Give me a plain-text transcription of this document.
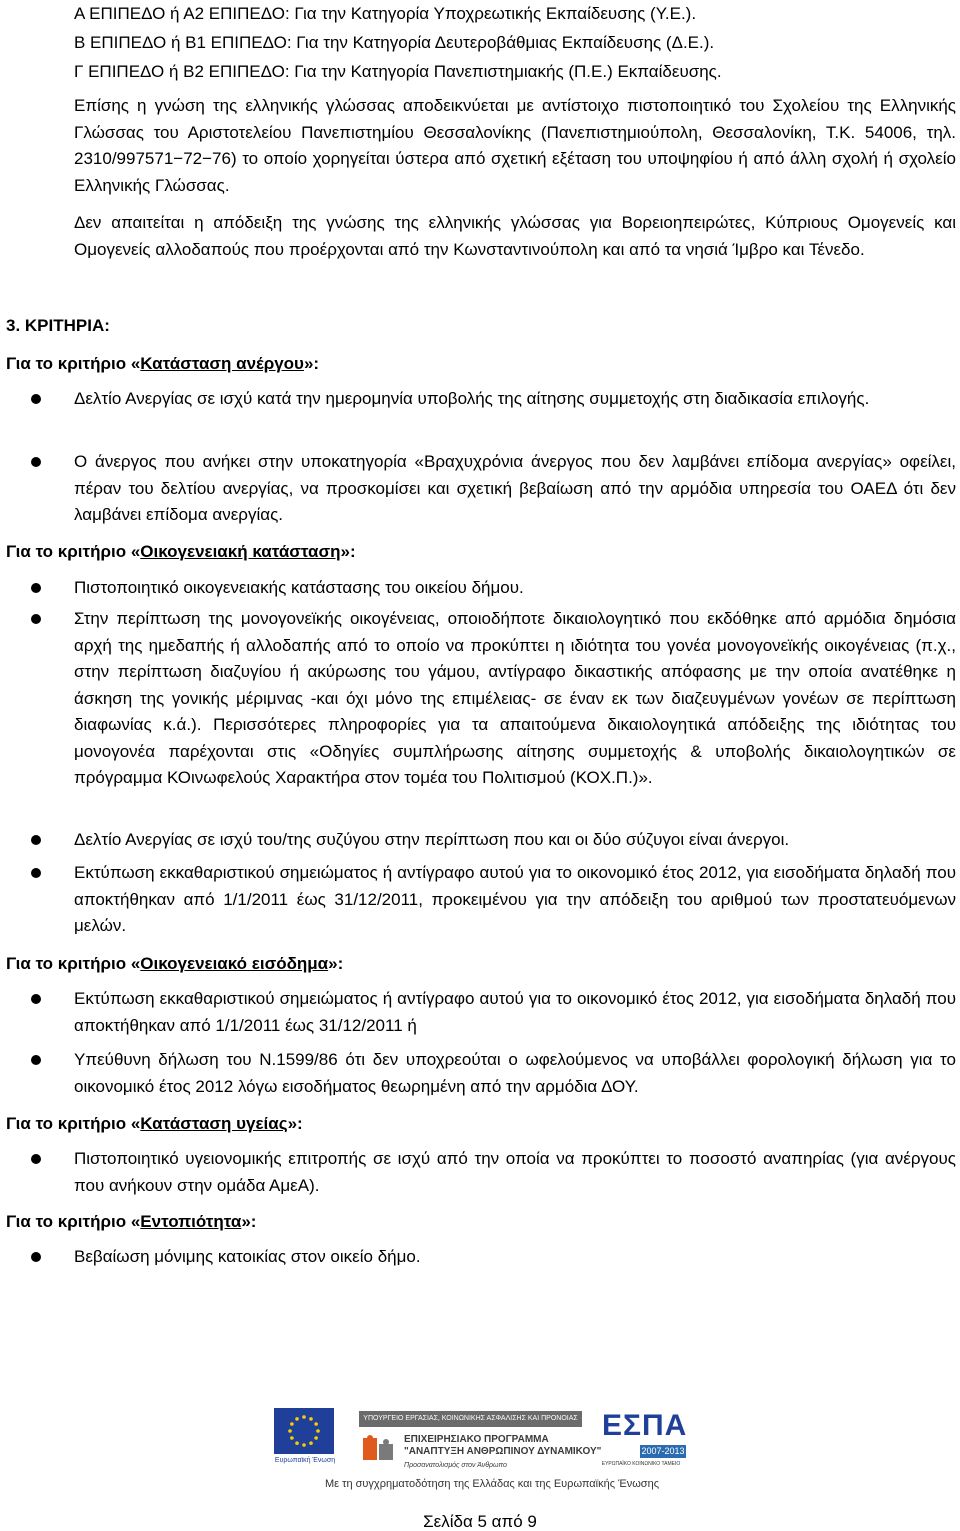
Α ΕΠΙΠΕΔΟ ή Α2 ΕΠΙΠΕΔΟ: Για την Κατηγορία Υποχρεωτικής Εκπαίδευσης (Υ.Ε.).
Β ΕΠΙΠΕΔΟ ή Β1 ΕΠΙΠΕΔΟ: Για την Κατηγορία Δευτεροβάθμιας Εκπαίδευσης (Δ.Ε.).
Γ ΕΠΙΠΕΔΟ ή Β2 ΕΠΙΠΕΔΟ: Για την Κατηγορία Πανεπιστημιακής (Π.Ε.) Εκπαίδευσης.
Επίσης η γνώση της ελληνικής γλώσσας αποδεικνύεται με αντίστοιχο πιστοποιητικό του Σχολείου της Ελληνικής Γλώσσας του Αριστοτελείου Πανεπιστημίου Θεσσαλονίκης (Πανεπιστημιούπολη, Θεσσαλονίκη, Τ.Κ. 54006, τηλ. 2310/997571−72−76) το οποίο χορηγείται ύστερα από σχετική εξέταση του υποψηφίου ή από άλλη σχολή ή σχολείο Ελληνικής Γλώσσας.
Δεν απαιτείται η απόδειξη της γνώσης της ελληνικής γλώσσας για Βορειοηπειρώτες, Κύπριους Ομογενείς και Ομογενείς αλλοδαπούς που προέρχονται από την Κωνσταντινούπολη και από τα νησιά Ίμβρο και Τένεδο.
3. ΚΡΙΤΗΡΙΑ:
Για το κριτήριο «Κατάσταση ανέργου»:
Δελτίο Ανεργίας σε ισχύ κατά την ημερομηνία υποβολής της αίτησης συμμετοχής στη διαδικασία επιλογής.
Ο άνεργος που ανήκει στην υποκατηγορία «Βραχυχρόνια άνεργος που δεν λαμβάνει επίδομα ανεργίας» οφείλει, πέραν του δελτίου ανεργίας, να προσκομίσει και σχετική βεβαίωση από την αρμόδια υπηρεσία του ΟΑΕΔ ότι δεν λαμβάνει επίδομα ανεργίας.
Για το κριτήριο «Οικογενειακή κατάσταση»:
Πιστοποιητικό οικογενειακής κατάστασης του οικείου δήμου.
Στην περίπτωση της μονογονεϊκής οικογένειας, οποιοδήποτε δικαιολογητικό που εκδόθηκε από αρμόδια δημόσια αρχή της ημεδαπής ή αλλοδαπής από το οποίο να προκύπτει η ιδιότητα του γονέα μονογονεϊκής οικογένειας (π.χ., στην περίπτωση διαζυγίου ή ακύρωσης του γάμου, αντίγραφο δικαστικής απόφασης με την οποία ανατέθηκε η άσκηση της γονικής μέριμνας -και όχι μόνο της επιμέλειας- σε έναν εκ των διαζευγμένων γονέων σε περίπτωση διαφωνίας κ.ά.). Περισσότερες πληροφορίες για τα απαιτούμενα δικαιολογητικά απόδειξης της ιδιότητας του μονογονέα παρέχονται στις «Οδηγίες συμπλήρωσης αίτησης συμμετοχής & υποβολής δικαιολογητικών σε πρόγραμμα ΚΟινωφελούς Χαρακτήρα στον τομέα του Πολιτισμού (ΚΟΧ.Π.)».
Δελτίο Ανεργίας σε ισχύ του/της συζύγου στην περίπτωση που και οι δύο σύζυγοι είναι άνεργοι.
Εκτύπωση εκκαθαριστικού σημειώματος ή αντίγραφο αυτού για το οικονομικό έτος 2012, για εισοδήματα δηλαδή που αποκτήθηκαν από 1/1/2011 έως 31/12/2011, προκειμένου για την απόδειξη του αριθμού των προστατευόμενων μελών.
Για το κριτήριο «Οικογενειακό εισόδημα»:
Εκτύπωση εκκαθαριστικού σημειώματος ή αντίγραφο αυτού για το οικονομικό έτος 2012, για εισοδήματα δηλαδή που αποκτήθηκαν από 1/1/2011 έως 31/12/2011 ή
Υπεύθυνη δήλωση του Ν.1599/86 ότι δεν υποχρεούται ο ωφελούμενος να υποβάλλει φορολογική δήλωση για το οικονομικό έτος 2012 λόγω εισοδήματος θεωρημένη από την αρμόδια ΔΟΥ.
Για το κριτήριο «Κατάσταση υγείας»:
Πιστοποιητικό υγειονομικής επιτροπής σε ισχύ από την οποία να προκύπτει το ποσοστό αναπηρίας (για ανέργους που ανήκουν στην ομάδα ΑμεΑ).
Για το κριτήριο «Εντοπιότητα»:
Βεβαίωση μόνιμης κατοικίας στον οικείο δήμο.
Ευρωπαϊκή Ένωση
ΥΠΟΥΡΓΕΙΟ ΕΡΓΑΣΙΑΣ, ΚΟΙΝΩΝΙΚΗΣ ΑΣΦΑΛΙΣΗΣ ΚΑΙ ΠΡΟΝΟΙΑΣ
ΕΠΙΧΕΙΡΗΣΙΑΚΟ ΠΡΟΓΡΑΜΜΑ
"ΑΝΑΠΤΥΞΗ ΑΝΘΡΩΠΙΝΟΥ ΔΥΝΑΜΙΚΟΥ"
Προσανατολισμός στον Άνθρωπο
ΕΣΠΑ
2007-2013
ΕΥΡΩΠΑΪΚΟ ΚΟΙΝΩΝΙΚΟ ΤΑΜΕΙΟ
Με τη συγχρηματοδότηση της Ελλάδας και της Ευρωπαϊκής Ένωσης
Σελίδα 5 από 9
